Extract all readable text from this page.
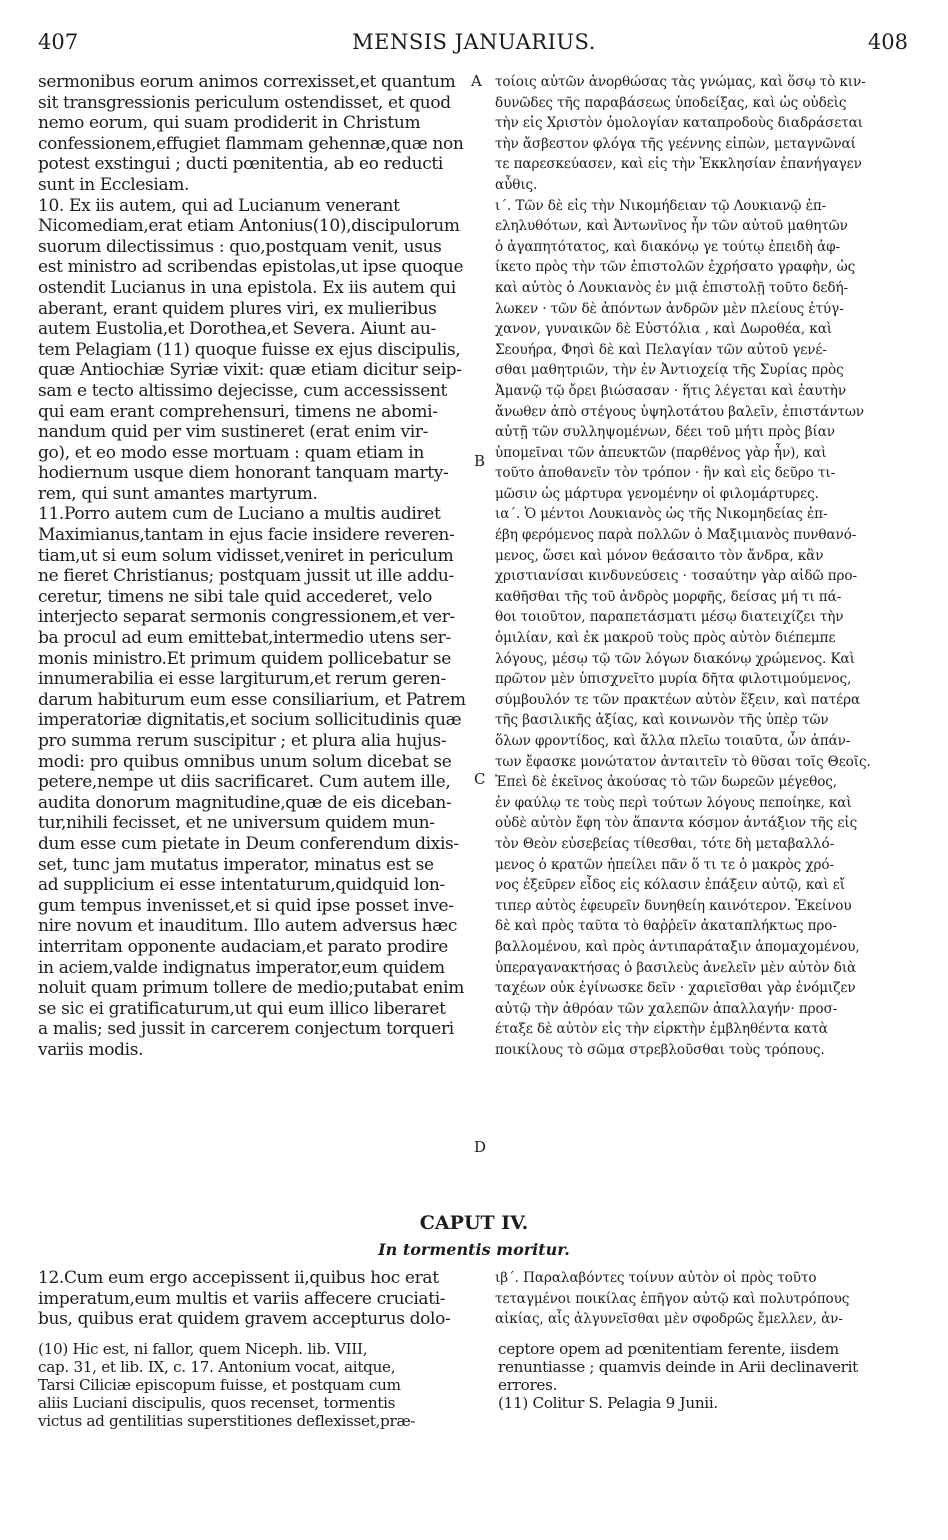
407	MENSIS JANUARIUS.	408
sermonibus eorum animos correxisset,et quantum
sit transgressionis periculum ostendisset, et quod
nemo eorum, qui suam prodiderit in Christum
confessionem,effugiet flammam gehennæ,quæ non
potest exstingui ; ducti pœnitentia, ab eo reducti
sunt in Ecclesiam.
10. Ex iis autem, qui ad Lucianum venerant
Nicomediam,erat etiam Antonius(10),discipulorum
suorum dilectissimus : quo,postquam venit, usus
est ministro ad scribendas epistolas,ut ipse quoque
ostendit Lucianus in una epistola. Ex iis autem qui
aberant, erant quidem plures viri, ex mulieribus
autem Eustolia,et Dorothea,et Severa. Aiunt au-
tem Pelagiam (11) quoque fuisse ex ejus discipulis,
quæ Antiochiæ Syriæ vixit: quæ etiam dicitur seip-
sam e tecto altissimo dejecisse, cum accessissent
qui eam erant comprehensuri, timens ne abomi-
nandum quid per vim sustineret (erat enim vir-
go), et eo modo esse mortuam : quam etiam in
hodiernum usque diem honorant tanquam marty-
rem, qui sunt amantes martyrum.
11.Porro autem cum de Luciano a multis audiret
Maximianus,tantam in ejus facie insidere reveren-
tiam,ut si eum solum vidisset,veniret in periculum
ne fieret Christianus; postquam jussit ut ille addu-
ceretur, timens ne sibi tale quid accederet, velo
interjecto separat sermonis congressionem,et ver-
ba procul ad eum emittebat,intermedio utens ser-
monis ministro.Et primum quidem pollicebatur se
innumerabilia ei esse largiturum,et rerum geren-
darum habiturum eum esse consiliarium, et Patrem
imperatoriæ dignitatis,et socium sollicitudinis quæ
pro summa rerum suscipitur ; et plura alia hujus-
modi: pro quibus omnibus unum solum dicebat se
petere,nempe ut diis sacrificaret. Cum autem ille,
audita donorum magnitudine,quæ de eis diceban-
tur,nihili fecisset, et ne universum quidem mun-
dum esse cum pietate in Deum conferendum dixis-
set, tunc jam mutatus imperator, minatus est se
ad supplicium ei esse intentaturum,quidquid lon-
gum tempus invenisset,et si quid ipse posset inve-
nire novum et inauditum. Illo autem adversus hæc
interritam opponente audaciam,et parato prodire
in aciem,valde indignatus imperator,eum quidem
noluit quam primum tollere de medio;putabat enim
se sic ei gratificaturum,ut qui eum illico liberaret
a malis; sed jussit in carcerem conjectum torqueri
variis modis.
τοίοις αὐτῶν ἀνορθώσας τὰς γνώμας, καὶ ὅσῳ τὸ κιν-
δυνῶδες τῆς παραβάσεως ὑποδείξας, καὶ ὡς οὐδεὶς
τὴν εἰς Χριστὸν ὁμολογίαν καταπροδοὺς διαδράσεται
τὴν ἄσβεστον φλόγα τῆς γεέννης εἰπὼν, μεταγνῶναί
τε παρεσκεύασεν, καὶ εἰς τὴν Ἐκκλησίαν ἐπανήγαγεν
αὖθις.
ι΄. Τῶν δὲ εἰς τὴν Νικομήδειαν τῷ Λουκιανῷ ἐπ-
εληλυθότων, καὶ Ἀντωνῖνος ἦν τῶν αὐτοῦ μαθητῶν
ὁ ἀγαπητότατος, καὶ διακόνῳ γε τούτῳ ἐπειδὴ ἀφ-
ίκετο πρὸς τὴν τῶν ἐπιστολῶν ἐχρήσατο γραφὴν, ὡς
καὶ αὐτὸς ὁ Λουκιανὸς ἐν μιᾷ ἐπιστολῇ τοῦτο δεδή-
λωκεν · τῶν δὲ ἀπόντων ἀνδρῶν μὲν πλείους ἐτύγ-
χανον, γυναικῶν δὲ Εὐστόλια , καὶ Δωροθέα, καὶ
Σεουήρα, Φησὶ δὲ καὶ Πελαγίαν τῶν αὐτοῦ γενέ-
σθαι μαθητριῶν, τὴν ἐν Ἀντιοχείᾳ τῆς Συρίας πρὸς
Ἀμανῷ τῷ ὄρει βιώσασαν · ἥτις λέγεται καὶ ἑαυτὴν
ἄνωθεν ἀπὸ στέγους ὑψηλοτάτου βαλεῖν, ἐπιστάντων
αὐτῇ τῶν συλληψομένων, δέει τοῦ μήτι πρὸς βίαν
ὑπομεῖναι τῶν ἀπευκτῶν (παρθένος γὰρ ἦν), καὶ
τοῦτο ἀποθανεῖν τὸν τρόπον · ἣν καὶ εἰς δεῦρο τι-
μῶσιν ὡς μάρτυρα γενομένην οἱ φιλομάρτυρες.
ια΄. Ὁ μέντοι Λουκιανὸς ὡς τῆς Νικομηδείας ἐπ-
έβη φερόμενος παρὰ πολλῶν ὁ Μαξιμιανὸς πυνθανό-
μενος, ὥσει καὶ μόνον θεάσαιτο τὸν ἄνδρα, κἂν
χριστιανίσαι κινδυνεύσεις · τοσαύτην γὰρ αἰδῶ προ-
καθῆσθαι τῆς τοῦ ἀνδρὸς μορφῆς, δείσας μή τι πά-
θοι τοιοῦτον, παραπετάσματι μέσῳ διατειχίζει τὴν
ὁμιλίαν, καὶ ἐκ μακροῦ τοὺς πρὸς αὐτὸν διέπεμπε
λόγους, μέσῳ τῷ τῶν λόγων διακόνῳ χρώμενος. Καὶ
πρῶτον μὲν ὑπισχνεῖτο μυρία δῆτα φιλοτιμούμενος,
σύμβουλόν τε τῶν πρακτέων αὐτὸν ἕξειν, καὶ πατέρα
τῆς βασιλικῆς ἀξίας, καὶ κοινωνὸν τῆς ὑπὲρ τῶν
ὅλων φροντίδος, καὶ ἄλλα πλεῖω τοιαῦτα, ὧν ἁπάν-
των ἔφασκε μονώτατον ἀνταιτεῖν τὸ θῦσαι τοῖς Θεοῖς.
Ἐπεὶ δὲ ἐκεῖνος ἀκούσας τὸ τῶν δωρεῶν μέγεθος,
ἐν φαύλῳ τε τοὺς περὶ τούτων λόγους πεποίηκε, καὶ
οὐδὲ αὐτὸν ἔφη τὸν ἅπαντα κόσμον ἀντάξιον τῆς εἰς
τὸν Θεὸν εὐσεβείας τίθεσθαι, τότε δὴ μεταβαλλό-
μενος ὁ κρατῶν ἠπείλει πᾶν ὅ τι τε ὁ μακρὸς χρό-
νος ἐξεῦρεν εἶδος εἰς κόλασιν ἐπάξειν αὐτῷ, καὶ εἴ
τιπερ αὐτὸς ἐφευρεῖν δυνηθείη καινότερον. Ἐκείνου
δὲ καὶ πρὸς ταῦτα τὸ θαῤῥεῖν ἀκαταπλήκτως προ-
βαλλομένου, καὶ πρὸς ἀντιπαράταξιν ἀπομαχομένου,
ὑπεραγανακτήσας ὁ βασιλεὺς ἀνελεῖν μὲν αὐτὸν διὰ
ταχέων οὐκ ἐγίνωσκε δεῖν · χαριεῖσθαι γὰρ ἐνόμιζεν
αὐτῷ τὴν ἀθρόαν τῶν χαλεπῶν ἀπαλλαγήν· προσ-
έταξε δὲ αὐτὸν εἰς τὴν εἱρκτὴν ἐμβληθέντα κατὰ
ποικίλους τὸ σῶμα στρεβλοῦσθαι τοὺς τρόπους.
A
B
C
D
CAPUT IV.
In tormentis moritur.
12.Cum eum ergo accepissent ii,quibus hoc erat
imperatum,eum multis et variis affecere cruciati-
bus, quibus erat quidem gravem accepturus dolo-
ιβ΄. Παραλαβόντες τοίνυν αὐτὸν οἱ πρὸς τοῦτο
τεταγμένοι ποικίλας ἐπῆγον αὐτῷ καὶ πολυτρόπους
αἰκίας, αἷς ἀλγυνεῖσθαι μὲν σφοδρῶς ἔμελλεν, ἀν-
(10) Hic est, ni fallor, quem Niceph. lib. VIII,
cap. 31, et lib. IX, c. 17. Antonium vocat, aitque,
Tarsi Ciliciæ episcopum fuisse, et postquam cum
aliis Luciani discipulis, quos recenset, tormentis
victus ad gentilitias superstitiones deflexisset,præ-
ceptore opem ad pœnitentiam ferente, iisdem
renuntiasse ; quamvis deinde in Arii declinaverit
errores.
(11) Colitur S. Pelagia 9 Junii.
